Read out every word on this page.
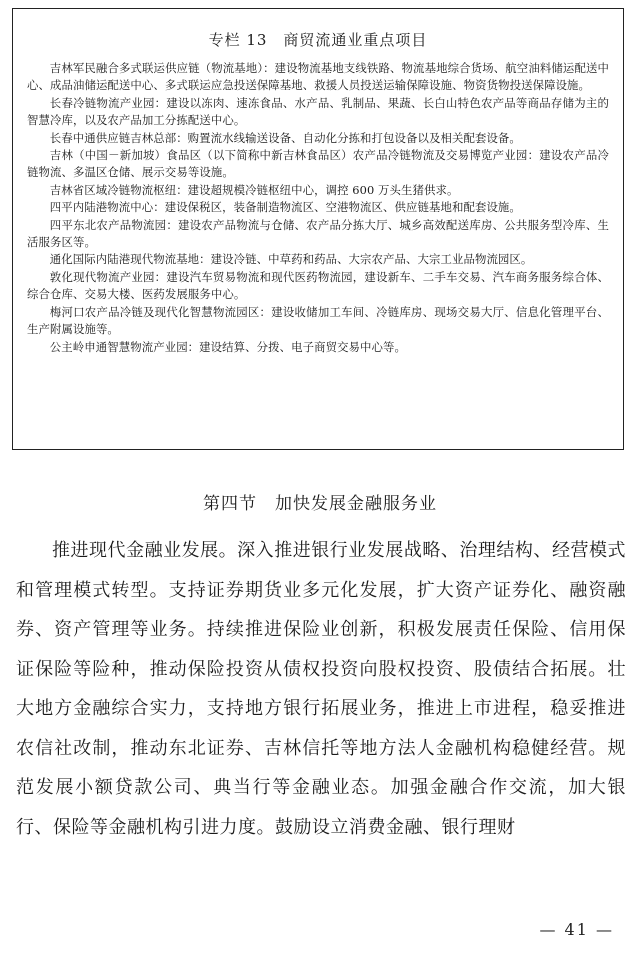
专栏 13　商贸流通业重点项目

吉林军民融合多式联运供应链（物流基地）：建设物流基地支线铁路、物流基地综合货场、航空油料储运配送中心、成品油储运配送中心、多式联运应急投送保障基地、救援人员投送运输保障设施、物资货物投送保障设施。

长春冷链物流产业园：建设以冻肉、速冻食品、水产品、乳制品、果蔬、长白山特色农产品等商品存储为主的智慧冷库，以及农产品加工分拣配送中心。

长春中通供应链吉林总部：购置流水线输送设备、自动化分拣和打包设备以及相关配套设备。

吉林（中国－新加坡）食品区（以下简称中新吉林食品区）农产品冷链物流及交易博览产业园：建设农产品冷链物流、多温区仓储、展示交易等设施。

吉林省区域冷链物流枢纽：建设超规模冷链枢纽中心，调控 600 万头生猪供求。

四平内陆港物流中心：建设保税区，装备制造物流区、空港物流区、供应链基地和配套设施。

四平东北农产品物流园：建设农产品物流与仓储、农产品分拣大厅、城乡高效配送库房、公共服务型冷库、生活服务区等。

通化国际内陆港现代物流基地：建设冷链、中草药和药品、大宗农产品、大宗工业品物流园区。

敦化现代物流产业园：建设汽车贸易物流和现代医药物流园，建设新车、二手车交易、汽车商务服务综合体、综合仓库、交易大楼、医药发展服务中心。

梅河口农产品冷链及现代化智慧物流园区：建设收储加工车间、冷链库房、现场交易大厅、信息化管理平台、生产附属设施等。

公主岭申通智慧物流产业园：建设结算、分拨、电子商贸交易中心等。

第四节　加快发展金融服务业

推进现代金融业发展。深入推进银行业发展战略、治理结构、经营模式和管理模式转型。支持证券期货业多元化发展，扩大资产证券化、融资融券、资产管理等业务。持续推进保险业创新，积极发展责任保险、信用保证保险等险种，推动保险投资从债权投资向股权投资、股债结合拓展。壮大地方金融综合实力，支持地方银行拓展业务，推进上市进程，稳妥推进农信社改制，推动东北证券、吉林信托等地方法人金融机构稳健经营。规范发展小额贷款公司、典当行等金融业态。加强金融合作交流，加大银行、保险等金融机构引进力度。鼓励设立消费金融、银行理财

— 41 —
